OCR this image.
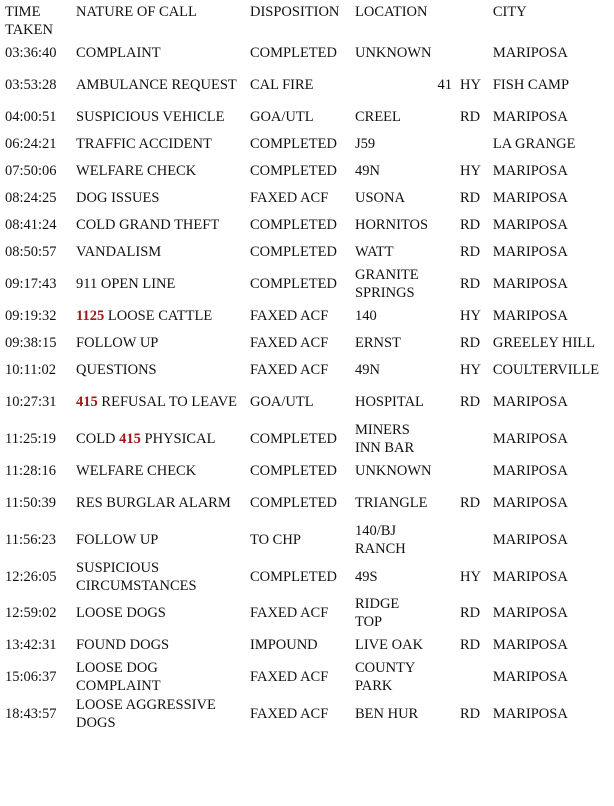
TIME
TAKEN	NATURE OF CALL	DISPOSITION	LOCATION			CITY
03:36:40	COMPLAINT	COMPLETED	UNKNOWN			MARIPOSA
03:53:28	AMBULANCE REQUEST	CAL FIRE		41	HY	FISH CAMP
04:00:51	SUSPICIOUS VEHICLE	GOA/UTL	CREEL		RD	MARIPOSA
06:24:21	TRAFFIC ACCIDENT	COMPLETED	J59			LA GRANGE
07:50:06	WELFARE CHECK	COMPLETED	49N		HY	MARIPOSA
08:24:25	DOG ISSUES	FAXED ACF	USONA		RD	MARIPOSA
08:41:24	COLD GRAND THEFT	COMPLETED	HORNITOS		RD	MARIPOSA
08:50:57	VANDALISM	COMPLETED	WATT		RD	MARIPOSA
09:17:43	911 OPEN LINE	COMPLETED	GRANITE SPRINGS		RD	MARIPOSA
09:19:32	1125 LOOSE CATTLE	FAXED ACF	140		HY	MARIPOSA
09:38:15	FOLLOW UP	FAXED ACF	ERNST		RD	GREELEY HILL
10:11:02	QUESTIONS	FAXED ACF	49N		HY	COULTERVILLE
10:27:31	415 REFUSAL TO LEAVE	GOA/UTL	HOSPITAL		RD	MARIPOSA
11:25:19	COLD 415 PHYSICAL	COMPLETED	MINERS INN BAR			MARIPOSA
11:28:16	WELFARE CHECK	COMPLETED	UNKNOWN			MARIPOSA
11:50:39	RES BURGLAR ALARM	COMPLETED	TRIANGLE		RD	MARIPOSA
11:56:23	FOLLOW UP	TO CHP	140/BJ RANCH			MARIPOSA
12:26:05	SUSPICIOUS CIRCUMSTANCES	COMPLETED	49S		HY	MARIPOSA
12:59:02	LOOSE DOGS	FAXED ACF	RIDGE TOP		RD	MARIPOSA
13:42:31	FOUND DOGS	IMPOUND	LIVE OAK		RD	MARIPOSA
15:06:37	LOOSE DOG COMPLAINT	FAXED ACF	COUNTY PARK			MARIPOSA
18:43:57	LOOSE AGGRESSIVE DOGS	FAXED ACF	BEN HUR		RD	MARIPOSA
